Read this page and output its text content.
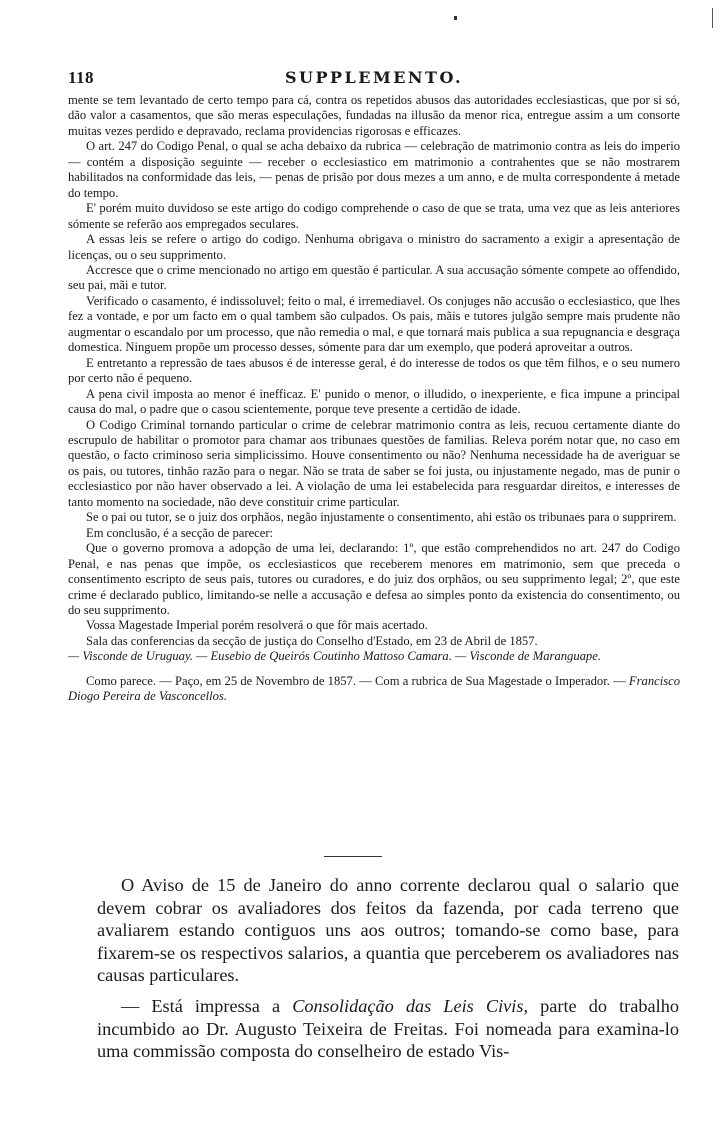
118	SUPPLEMENTO.

mente se tem levantado de certo tempo para cá, contra os repetidos abusos das autoridades ecclesiasticas, que por si só, dão valor a casamentos, que são meras especulações, fundadas na illusão da menor rica, entregue assim a um consorte muitas vezes perdido e depravado, reclama providencias rigorosas e efficazes.

O art. 247 do Codigo Penal, o qual se acha debaixo da rubrica — celebração de matrimonio contra as leis do imperio — contém a disposição seguinte — receber o ecclesiastico em matrimonio a contrahentes que se não mostrarem habilitados na conformidade das leis, — penas de prisão por dous mezes a um anno, e de multa correspondente á metade do tempo.

E' porém muito duvidoso se este artigo do codigo comprehende o caso de que se trata, uma vez que as leis anteriores sómente se referão aos empregados seculares.

A essas leis se refere o artigo do codigo. Nenhuma obrigava o ministro do sacramento a exigir a apresentação de licenças, ou o seu supprimento.

Accresce que o crime mencionado no artigo em questão é particular. A sua accusação sómente compete ao offendido, seu pai, mãi e tutor.

Verificado o casamento, é indissoluvel; feito o mal, é irremediavel. Os conjuges não accusão o ecclesiastico, que lhes fez a vontade, e por um facto em o qual tambem são culpados. Os pais, mãis e tutores julgão sempre mais prudente não augmentar o escandalo por um processo, que não remedia o mal, e que tornará mais publica a sua repugnancia e desgraça domestica. Ninguem propõe um processo desses, sómente para dar um exemplo, que poderá aproveitar a outros.

E entretanto a repressão de taes abusos é de interesse geral, é do interesse de todos os que têm filhos, e o seu numero por certo não é pequeno.

A pena civil imposta ao menor é inefficaz. E' punido o menor, o illudido, o inexperiente, e fica impune a principal causa do mal, o padre que o casou scientemente, porque teve presente a certidão de idade.

O Codigo Criminal tornando particular o crime de celebrar matrimonio contra as leis, recuou certamente diante do escrupulo de habilitar o promotor para chamar aos tribunaes questões de familias. Releva porém notar que, no caso em questão, o facto criminoso seria simplicissimo. Houve consentimento ou não? Nenhuma necessidade ha de averiguar se os pais, ou tutores, tinhão razão para o negar. Não se trata de saber se foi justa, ou injustamente negado, mas de punir o ecclesiastico por não haver observado a lei. A violação de uma lei estabelecida para resguardar direitos, e interesses de tanto momento na sociedade, não deve constituir crime particular.

Se o pai ou tutor, se o juiz dos orphãos, negão injustamente o consentimento, ahi estão os tribunaes para o supprirem.

Em conclusão, é a secção de parecer:

Que o governo promova a adopção de uma lei, declarando: 1º, que estão comprehendidos no art. 247 do Codigo Penal, e nas penas que impõe, os ecclesiasticos que receberem menores em matrimonio, sem que preceda o consentimento escripto de seus pais, tutores ou curadores, e do juiz dos orphãos, ou seu supprimento legal; 2º, que este crime é declarado publico, limitando-se nelle a accusação e defesa ao simples ponto da existencia do consentimento, ou do seu supprimento.

Vossa Magestade Imperial porém resolverá o que fôr mais acertado.

Sala das conferencias da secção de justiça do Conselho d'Estado, em 23 de Abril de 1857.

— Visconde de Uruguay. — Eusebio de Queirós Coutinho Mattoso Camara. — Visconde de Maranguape.

Como parece. — Paço, em 25 de Novembro de 1857. — Com a rubrica de Sua Magestade o Imperador. — Francisco Diogo Pereira de Vasconcellos.

O Aviso de 15 de Janeiro do anno corrente declarou qual o salario que devem cobrar os avaliadores dos feitos da fazenda, por cada terreno que avaliarem estando contiguos uns aos outros; tomando-se como base, para fixarem-se os respectivos salarios, a quantia que perceberem os avaliadores nas causas particulares.

— Está impressa a Consolidação das Leis Civis, parte do trabalho incumbido ao Dr. Augusto Teixeira de Freitas. Foi nomeada para examina-lo uma commissão composta do conselheiro de estado Vis-
